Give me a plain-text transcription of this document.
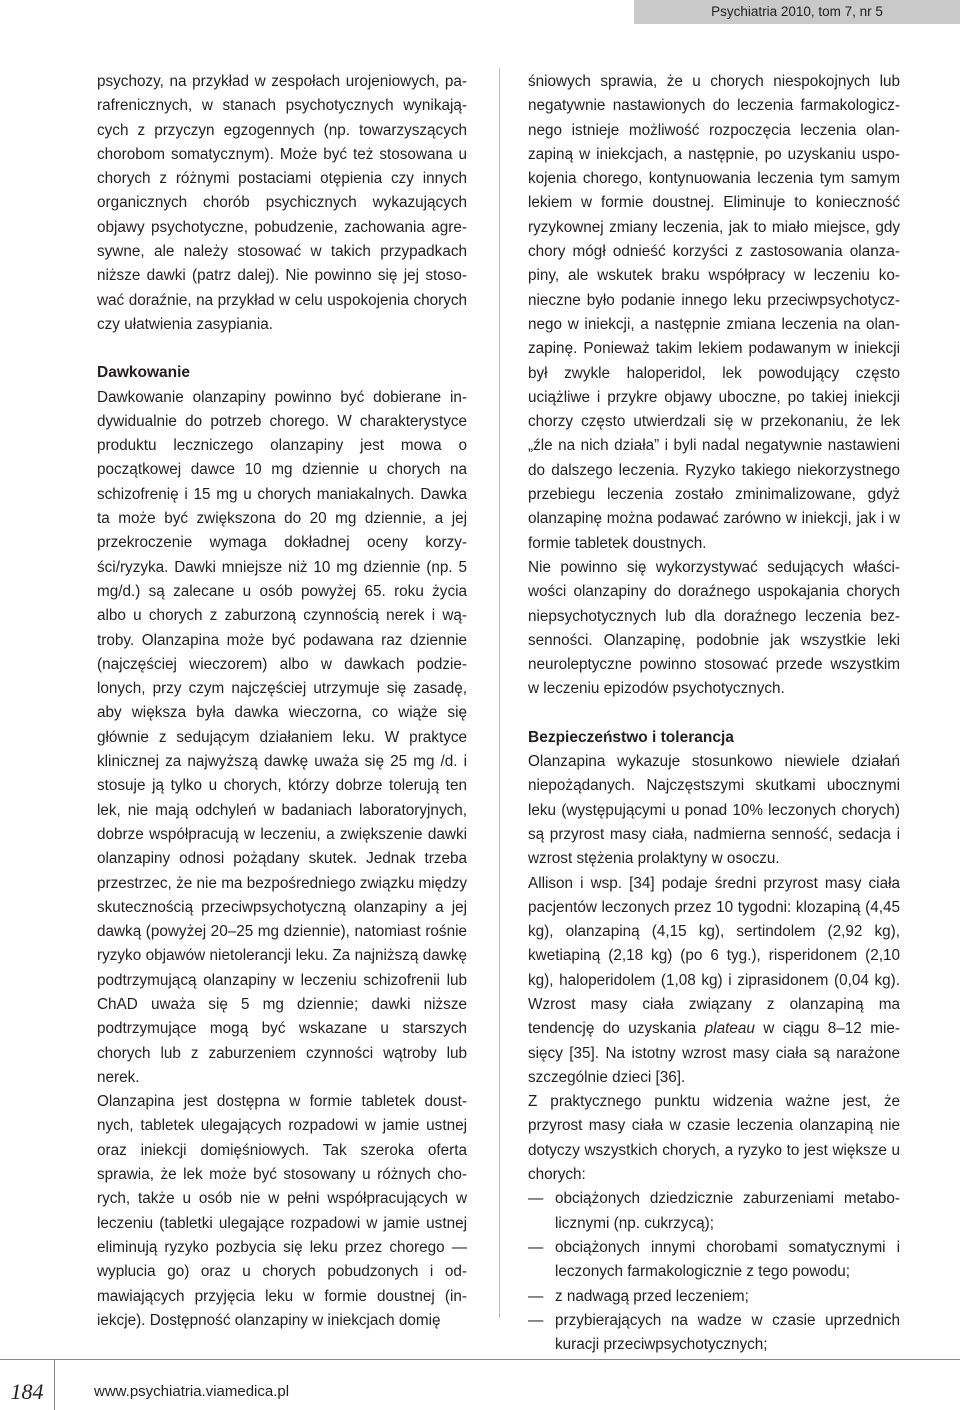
Psychiatria 2010, tom 7, nr 5

psychozy, na przykład w zespołach urojeniowych, parafrenicznych, w stanach psychotycznych wynikających z przyczyn egzogennych (np. towarzyszących chorobom somatycznym). Może być też stosowana u chorych z różnymi postaciami otępienia czy innych organicznych chorób psychicznych wykazujących objawy psychotyczne, pobudzenie, zachowania agresywne, ale należy stosować w takich przypadkach niższe dawki (patrz dalej). Nie powinno się jej stosować doraźnie, na przykład w celu uspokojenia chorych czy ułatwienia zasypiania.

Dawkowanie

Dawkowanie olanzapiny powinno być dobierane indywidualnie do potrzeb chorego. W charakterystyce produktu leczniczego olanzapiny jest mowa o początkowej dawce 10 mg dziennie u chorych na schizofrenię i 15 mg u chorych maniakalnych. Dawka ta może być zwiększona do 20 mg dziennie, a jej przekroczenie wymaga dokładnej oceny korzyści/ryzyka. Dawki mniejsze niż 10 mg dziennie (np. 5 mg/d.) są zalecane u osób powyżej 65. roku życia albo u chorych z zaburzoną czynnością nerek i wątroby. Olanzapina może być podawana raz dziennie (najczęściej wieczorem) albo w dawkach podzielonych, przy czym najczęściej utrzymuje się zasadę, aby większa była dawka wieczorna, co wiąże się głównie z sedującym działaniem leku. W praktyce klinicznej za najwyższą dawkę uważa się 25 mg /d. i stosuje ją tylko u chorych, którzy dobrze tolerują ten lek, nie mają odchyleń w badaniach laboratoryjnych, dobrze współpracują w leczeniu, a zwiększenie dawki olanzapiny odnosi pożądany skutek. Jednak trzeba przestrzec, że nie ma bezpośredniego związku między skutecznością przeciwpsychotyczną olanzapiny a jej dawką (powyżej 20–25 mg dziennie), natomiast rośnie ryzyko objawów nietolerancji leku. Za najniższą dawkę podtrzymującą olanzapiny w leczeniu schizofrenii lub ChAD uważa się 5 mg dziennie; dawki niższe podtrzymujące mogą być wskazane u starszych chorych lub z zaburzeniem czynności wątroby lub nerek.

Olanzapina jest dostępna w formie tabletek doustnych, tabletek ulegających rozpadowi w jamie ustnej oraz iniekcji domięśniowych. Tak szeroka oferta sprawia, że lek może być stosowany u różnych chorych, także u osób nie w pełni współpracujących w leczeniu (tabletki ulegające rozpadowi w jamie ustnej eliminują ryzyko pozbycia się leku przez chorego — wyplucia go) oraz u chorych pobudzonych i odmawiających przyjęcia leku w formie doustnej (iniekcje). Dostępność olanzapiny w iniekcjach domię

śniowych sprawia, że u chorych niespokojnych lub negatywnie nastawionych do leczenia farmakologicznego istnieje możliwość rozpoczęcia leczenia olanzapiną w iniekcjach, a następnie, po uzyskaniu uspokojenia chorego, kontynuowania leczenia tym samym lekiem w formie doustnej. Eliminuje to konieczność ryzykownej zmiany leczenia, jak to miało miejsce, gdy chory mógł odnieść korzyści z zastosowania olanzapiny, ale wskutek braku współpracy w leczeniu konieczne było podanie innego leku przeciwpsychotycznego w iniekcji, a następnie zmiana leczenia na olanzapinę. Ponieważ takim lekiem podawanym w iniekcji był zwykle haloperidol, lek powodujący często uciążliwe i przykre objawy uboczne, po takiej iniekcji chorzy często utwierdzali się w przekonaniu, że lek „źle na nich działa” i byli nadal negatywnie nastawieni do dalszego leczenia. Ryzyko takiego niekorzystnego przebiegu leczenia zostało zminimalizowane, gdyż olanzapinę można podawać zarówno w iniekcji, jak i w formie tabletek doustnych.

Nie powinno się wykorzystywać sedujących właściwości olanzapiny do doraźnego uspokajania chorych niepsychotycznych lub dla doraźnego leczenia bezsenności. Olanzapinę, podobnie jak wszystkie leki neuroleptyczne powinno stosować przede wszystkim w leczeniu epizodów psychotycznych.

Bezpieczeństwo i tolerancja

Olanzapina wykazuje stosunkowo niewiele działań niepożądanych. Najczęstszymi skutkami ubocznymi leku (występującymi u ponad 10% leczonych chorych) są przyrost masy ciała, nadmierna senność, sedacja i wzrost stężenia prolaktyny w osoczu.

Allison i wsp. [34] podaje średni przyrost masy ciała pacjentów leczonych przez 10 tygodni: klozapiną (4,45 kg), olanzapiną (4,15 kg), sertindolem (2,92 kg), kwetiapiną (2,18 kg) (po 6 tyg.), risperidonem (2,10 kg), haloperidolem (1,08 kg) i ziprasidonem (0,04 kg). Wzrost masy ciała związany z olanzapiną ma tendencję do uzyskania plateau w ciągu 8–12 miesięcy [35]. Na istotny wzrost masy ciała są narażone szczególnie dzieci [36].

Z praktycznego punktu widzenia ważne jest, że przyrost masy ciała w czasie leczenia olanzapiną nie dotyczy wszystkich chorych, a ryzyko to jest większe u chorych:

— obciążonych dziedzicznie zaburzeniami metabolicznymi (np. cukrzycą);
— obciążonych innymi chorobami somatycznymi i leczonych farmakologicznie z tego powodu;
— z nadwagą przed leczeniem;
— przybierających na wadze w czasie uprzednich kuracji przeciwpsychotycznych;
184	www.psychiatria.viamedica.pl
